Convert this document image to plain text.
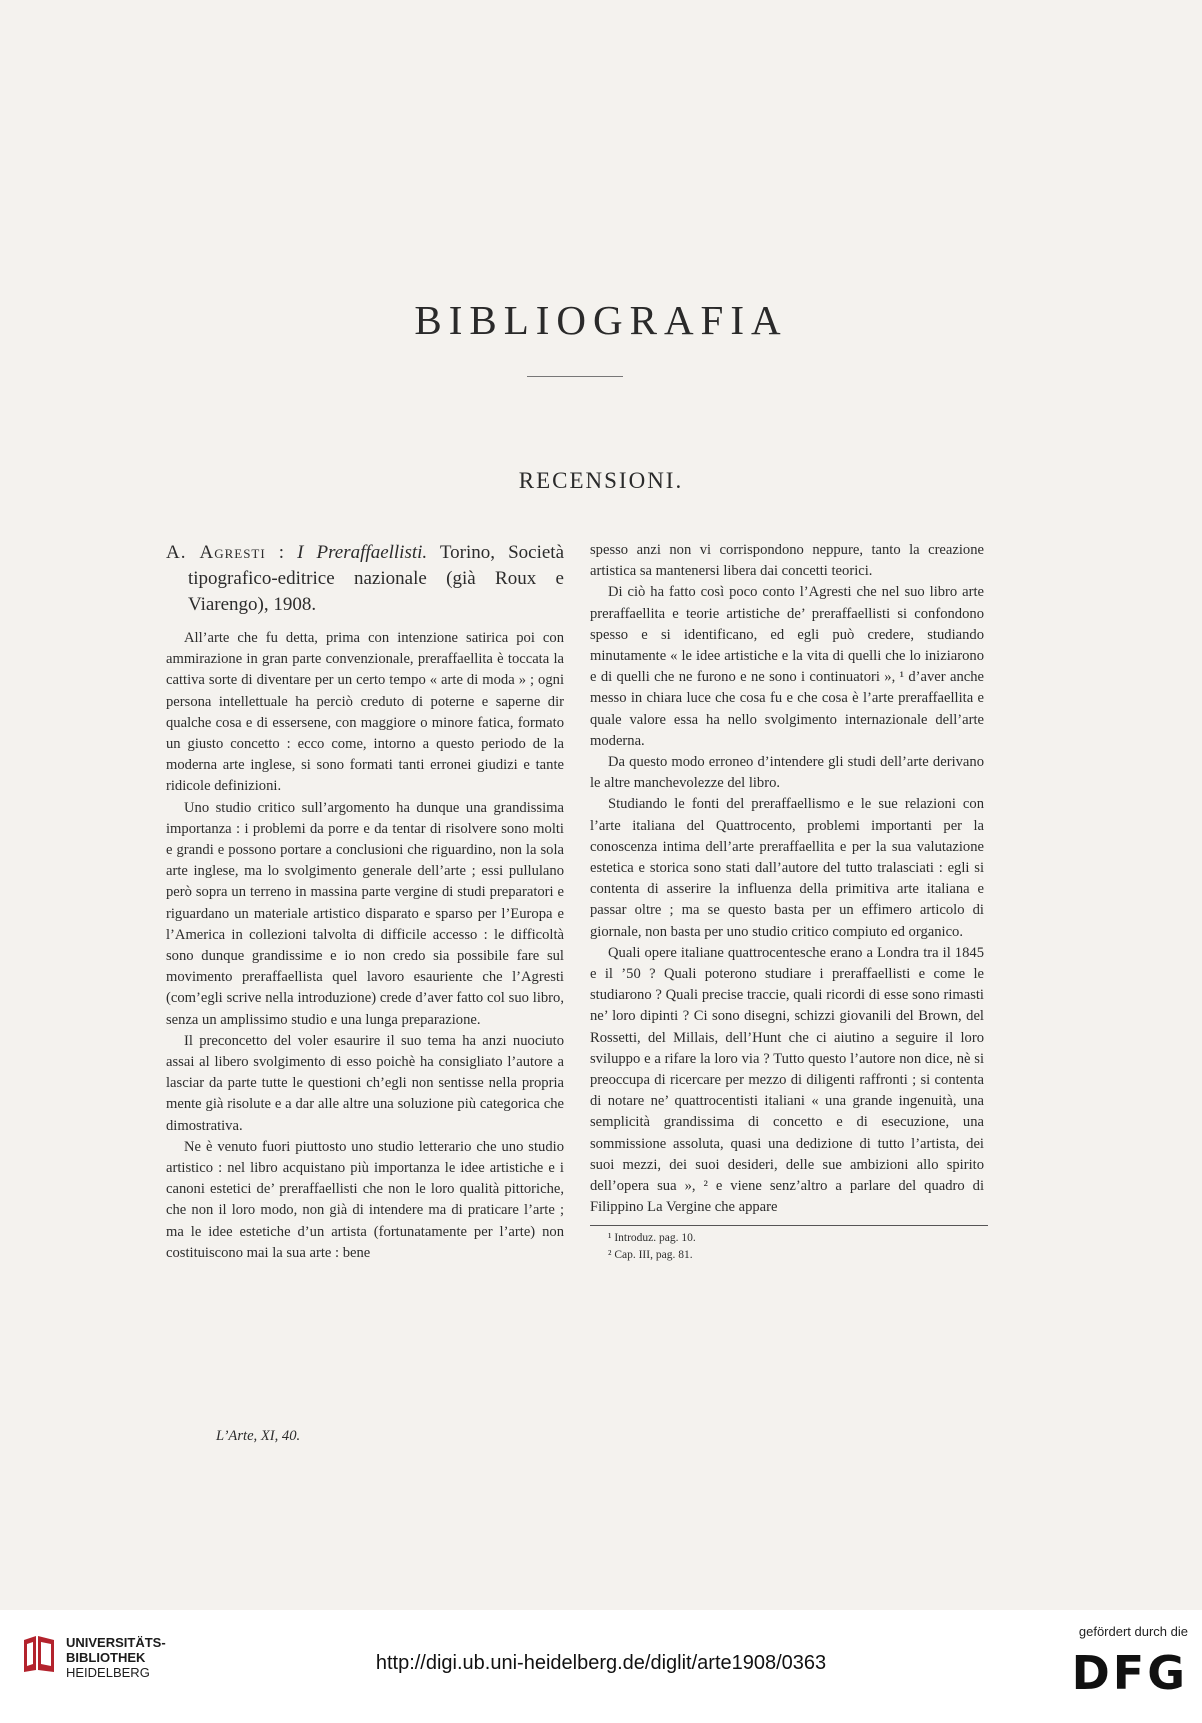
BIBLIOGRAFIA
RECENSIONI.
A. Agresti : I Preraffaellisti. Torino, Società tipografico-editrice nazionale (già Roux e Viarengo), 1908.

All’arte che fu detta, prima con intenzione satirica poi con ammirazione in gran parte convenzionale, preraffaellita è toccata la cattiva sorte di diventare per un certo tempo « arte di moda » ; ogni persona intellettuale ha perciò creduto di poterne e saperne dir qualche cosa e di essersene, con maggiore o minore fatica, formato un giusto concetto : ecco come, intorno a questo periodo de la moderna arte inglese, si sono formati tanti erronei giudizi e tante ridicole definizioni.

Uno studio critico sull’argomento ha dunque una grandissima importanza : i problemi da porre e da tentar di risolvere sono molti e grandi e possono portare a conclusioni che riguardino, non la sola arte inglese, ma lo svolgimento generale dell’arte ; essi pullulano però sopra un terreno in massina parte vergine di studi preparatori e riguardano un materiale artistico disparato e sparso per l’Europa e l’America in collezioni talvolta di difficile accesso : le difficoltà sono dunque grandissime e io non credo sia possibile fare sul movimento preraffaellista quel lavoro esauriente che l’Agresti (com’egli scrive nella introduzione) crede d’aver fatto col suo libro, senza un amplissimo studio e una lunga preparazione.

Il preconcetto del voler esaurire il suo tema ha anzi nuociuto assai al libero svolgimento di esso poichè ha consigliato l’autore a lasciar da parte tutte le questioni ch’egli non sentisse nella propria mente già risolute e a dar alle altre una soluzione più categorica che dimostrativa.

Ne è venuto fuori piuttosto uno studio letterario che uno studio artistico : nel libro acquistano più importanza le idee artistiche e i canoni estetici de’ preraffaellisti che non le loro qualità pittoriche, che non il loro modo, non già di intendere ma di praticare l’arte ; ma le idee estetiche d’un artista (fortunatamente per l’arte) non costituiscono mai la sua arte : bene

spesso anzi non vi corrispondono neppure, tanto la creazione artistica sa mantenersi libera dai concetti teorici.

Di ciò ha fatto così poco conto l’Agresti che nel suo libro arte preraffaellita e teorie artistiche de’ preraffaellisti si confondono spesso e si identificano, ed egli può credere, studiando minutamente « le idee artistiche e la vita di quelli che lo iniziarono e di quelli che ne furono e ne sono i continuatori », ¹ d’aver anche messo in chiara luce che cosa fu e che cosa è l’arte preraffaellita e quale valore essa ha nello svolgimento internazionale dell’arte moderna.

Da questo modo erroneo d’intendere gli studi dell’arte derivano le altre manchevolezze del libro.

Studiando le fonti del preraffaellismo e le sue relazioni con l’arte italiana del Quattrocento, problemi importanti per la conoscenza intima dell’arte preraffaellita e per la sua valutazione estetica e storica sono stati dall’autore del tutto tralasciati : egli si contenta di asserire la influenza della primitiva arte italiana e passar oltre ; ma se questo basta per un effimero articolo di giornale, non basta per uno studio critico compiuto ed organico.

Quali opere italiane quattrocentesche erano a Londra tra il 1845 e il ’50 ? Quali poterono studiare i preraffaellisti e come le studiarono ? Quali precise traccie, quali ricordi di esse sono rimasti ne’ loro dipinti ? Ci sono disegni, schizzi giovanili del Brown, del Rossetti, del Millais, dell’Hunt che ci aiutino a seguire il loro sviluppo e a rifare la loro via ? Tutto questo l’autore non dice, nè si preoccupa di ricercare per mezzo di diligenti raffronti ; si contenta di notare ne’ quattrocentisti italiani « una grande ingenuità, una semplicità grandissima di concetto e di esecuzione, una sommissione assoluta, quasi una dedizione di tutto l’artista, dei suoi mezzi, dei suoi desideri, delle sue ambizioni allo spirito dell’opera sua », ² e viene senz’altro a parlare del quadro di Filippino La Vergine che appare

¹ Introduz. pag. 10.
² Cap. III, pag. 81.
L’Arte, XI, 40.
UNIVERSITÄTS-
BIBLIOTHEK
HEIDELBERG	http://digi.ub.uni-heidelberg.de/diglit/arte1908/0363
gefördert durch die
DFG
